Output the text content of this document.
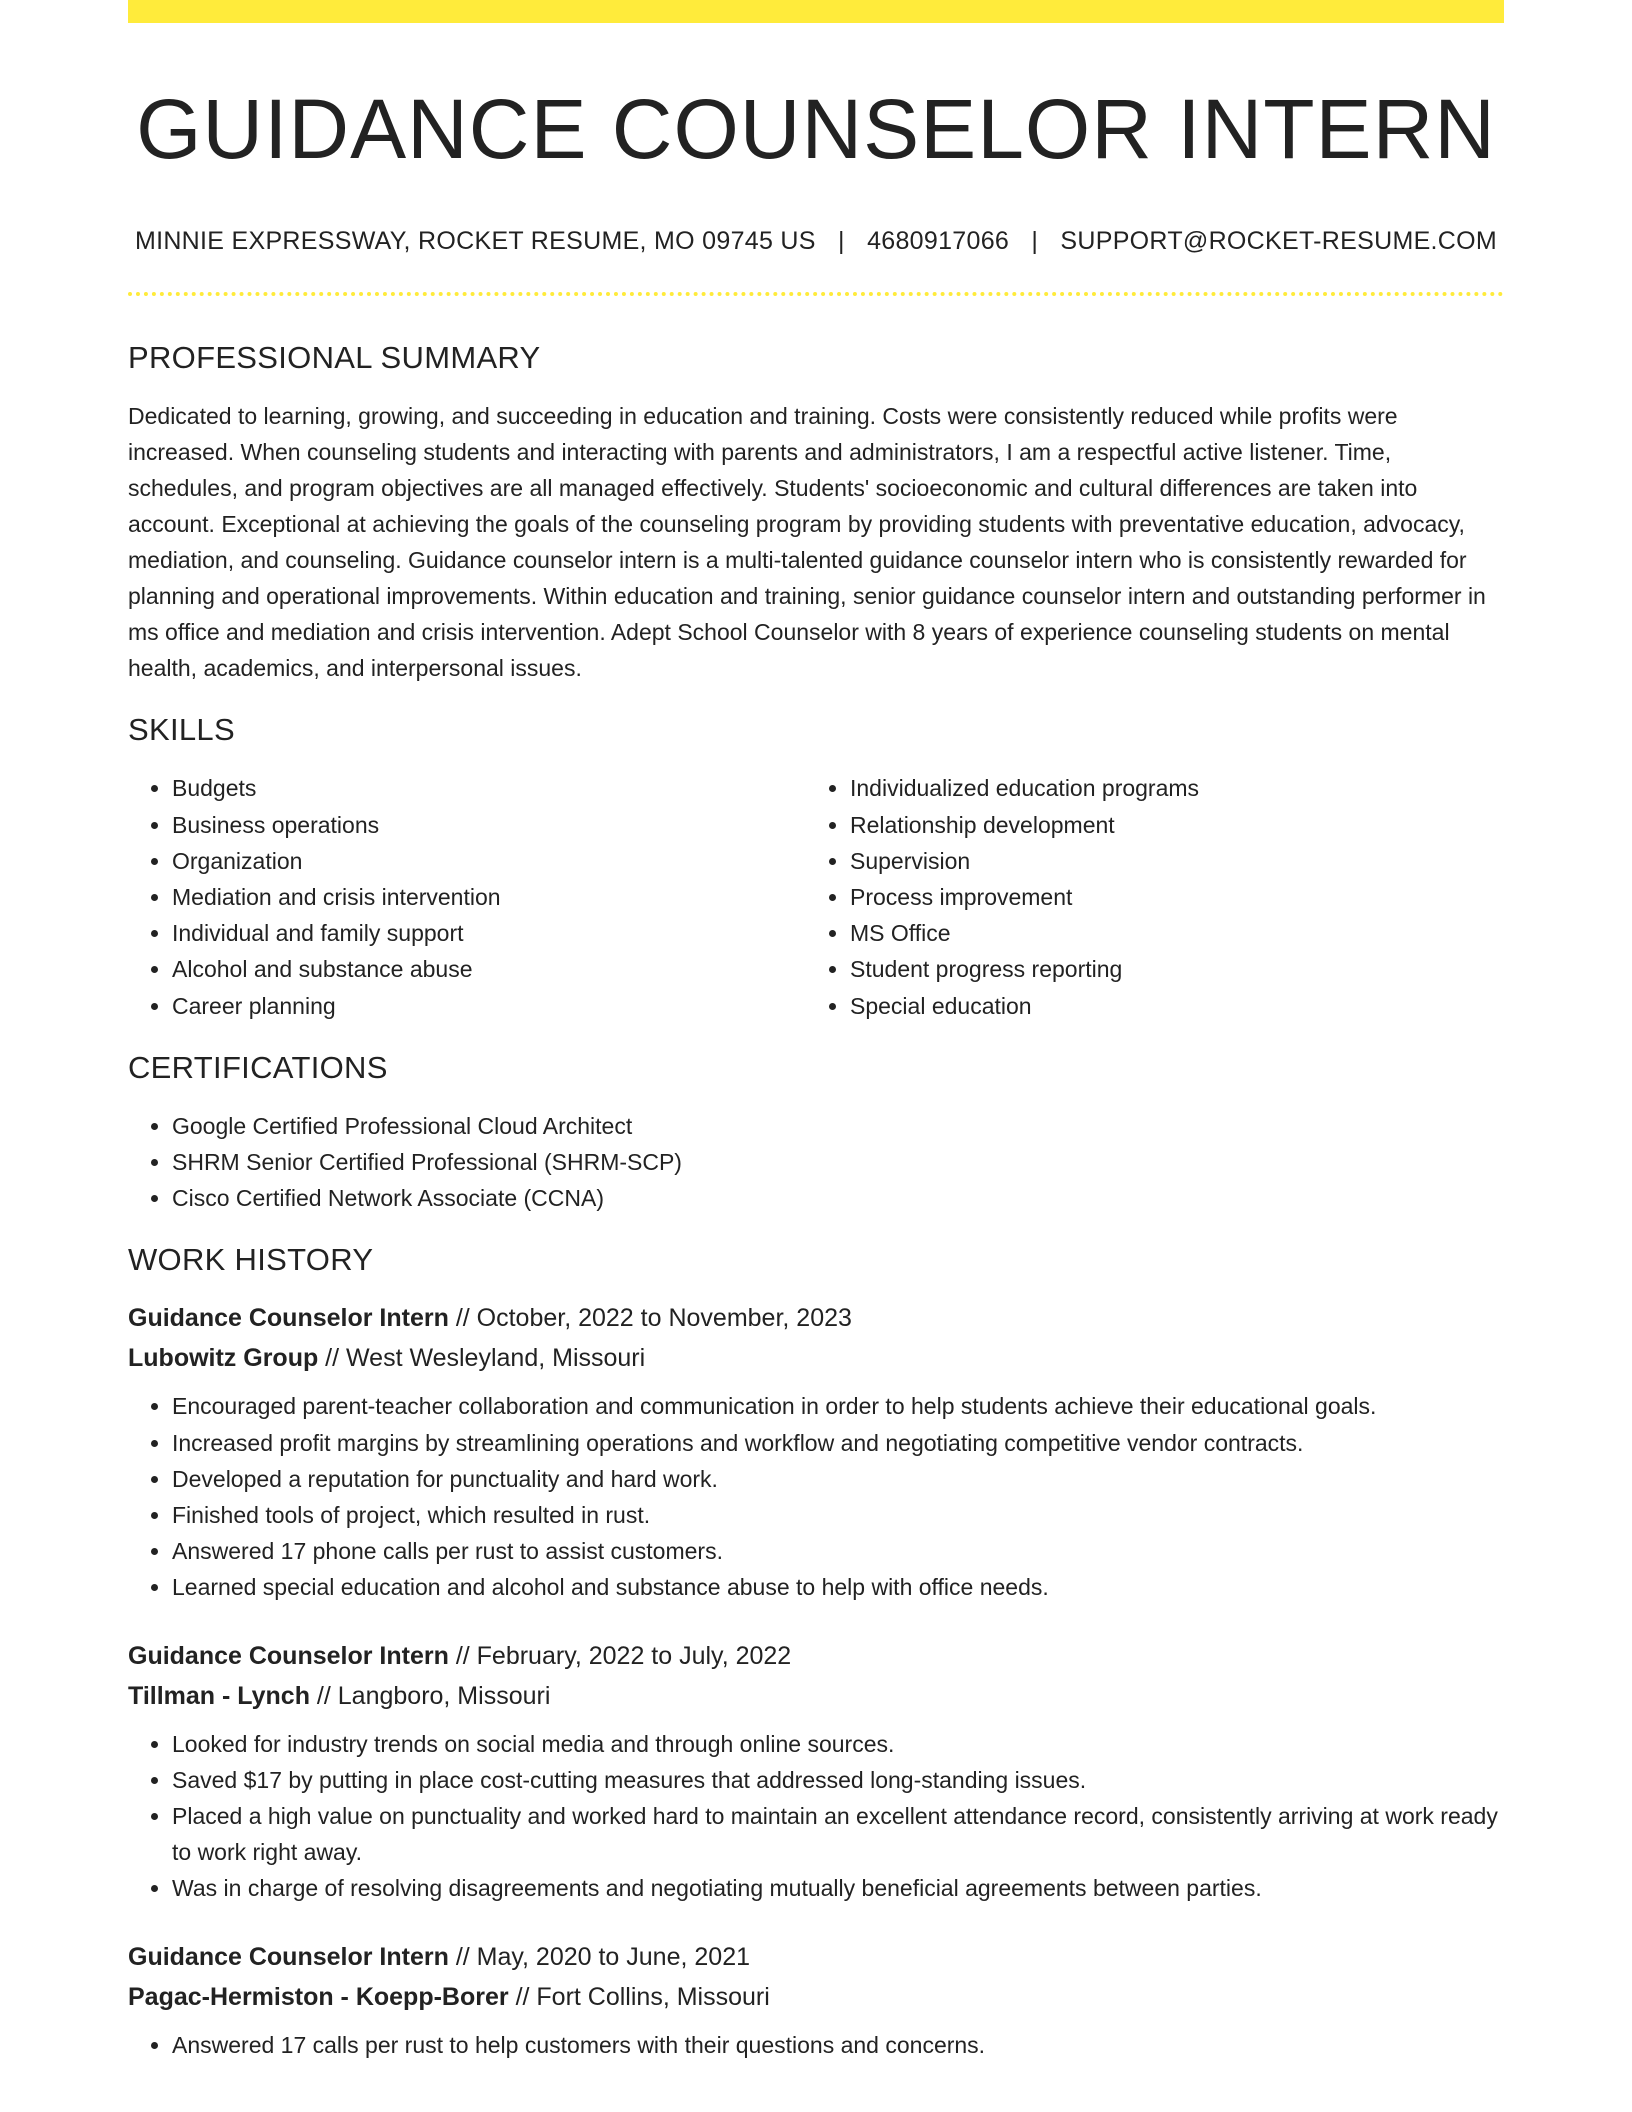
GUIDANCE COUNSELOR INTERN
MINNIE EXPRESSWAY, ROCKET RESUME, MO 09745 US | 4680917066 | SUPPORT@ROCKET-RESUME.COM
PROFESSIONAL SUMMARY

Dedicated to learning, growing, and succeeding in education and training. Costs were consistently reduced while profits were increased. When counseling students and interacting with parents and administrators, I am a respectful active listener. Time, schedules, and program objectives are all managed effectively. Students' socioeconomic and cultural differences are taken into account. Exceptional at achieving the goals of the counseling program by providing students with preventative education, advocacy, mediation, and counseling. Guidance counselor intern is a multi-talented guidance counselor intern who is consistently rewarded for planning and operational improvements. Within education and training, senior guidance counselor intern and outstanding performer in ms office and mediation and crisis intervention. Adept School Counselor with 8 years of experience counseling students on mental health, academics, and interpersonal issues.

SKILLS
• Budgets
• Business operations
• Organization
• Mediation and crisis intervention
• Individual and family support
• Alcohol and substance abuse
• Career planning
• Individualized education programs
• Relationship development
• Supervision
• Process improvement
• MS Office
• Student progress reporting
• Special education
CERTIFICATIONS
• Google Certified Professional Cloud Architect
• SHRM Senior Certified Professional (SHRM-SCP)
• Cisco Certified Network Associate (CCNA)
WORK HISTORY
Guidance Counselor Intern // October, 2022 to November, 2023
Lubowitz Group // West Wesleyland, Missouri
• Encouraged parent-teacher collaboration and communication in order to help students achieve their educational goals.
• Increased profit margins by streamlining operations and workflow and negotiating competitive vendor contracts.
• Developed a reputation for punctuality and hard work.
• Finished tools of project, which resulted in rust.
• Answered 17 phone calls per rust to assist customers.
• Learned special education and alcohol and substance abuse to help with office needs.
Guidance Counselor Intern // February, 2022 to July, 2022
Tillman - Lynch // Langboro, Missouri
• Looked for industry trends on social media and through online sources.
• Saved $17 by putting in place cost-cutting measures that addressed long-standing issues.
• Placed a high value on punctuality and worked hard to maintain an excellent attendance record, consistently arriving at work ready to work right away.
• Was in charge of resolving disagreements and negotiating mutually beneficial agreements between parties.
Guidance Counselor Intern // May, 2020 to June, 2021
Pagac-Hermiston - Koepp-Borer // Fort Collins, Missouri
• Answered 17 calls per rust to help customers with their questions and concerns.
